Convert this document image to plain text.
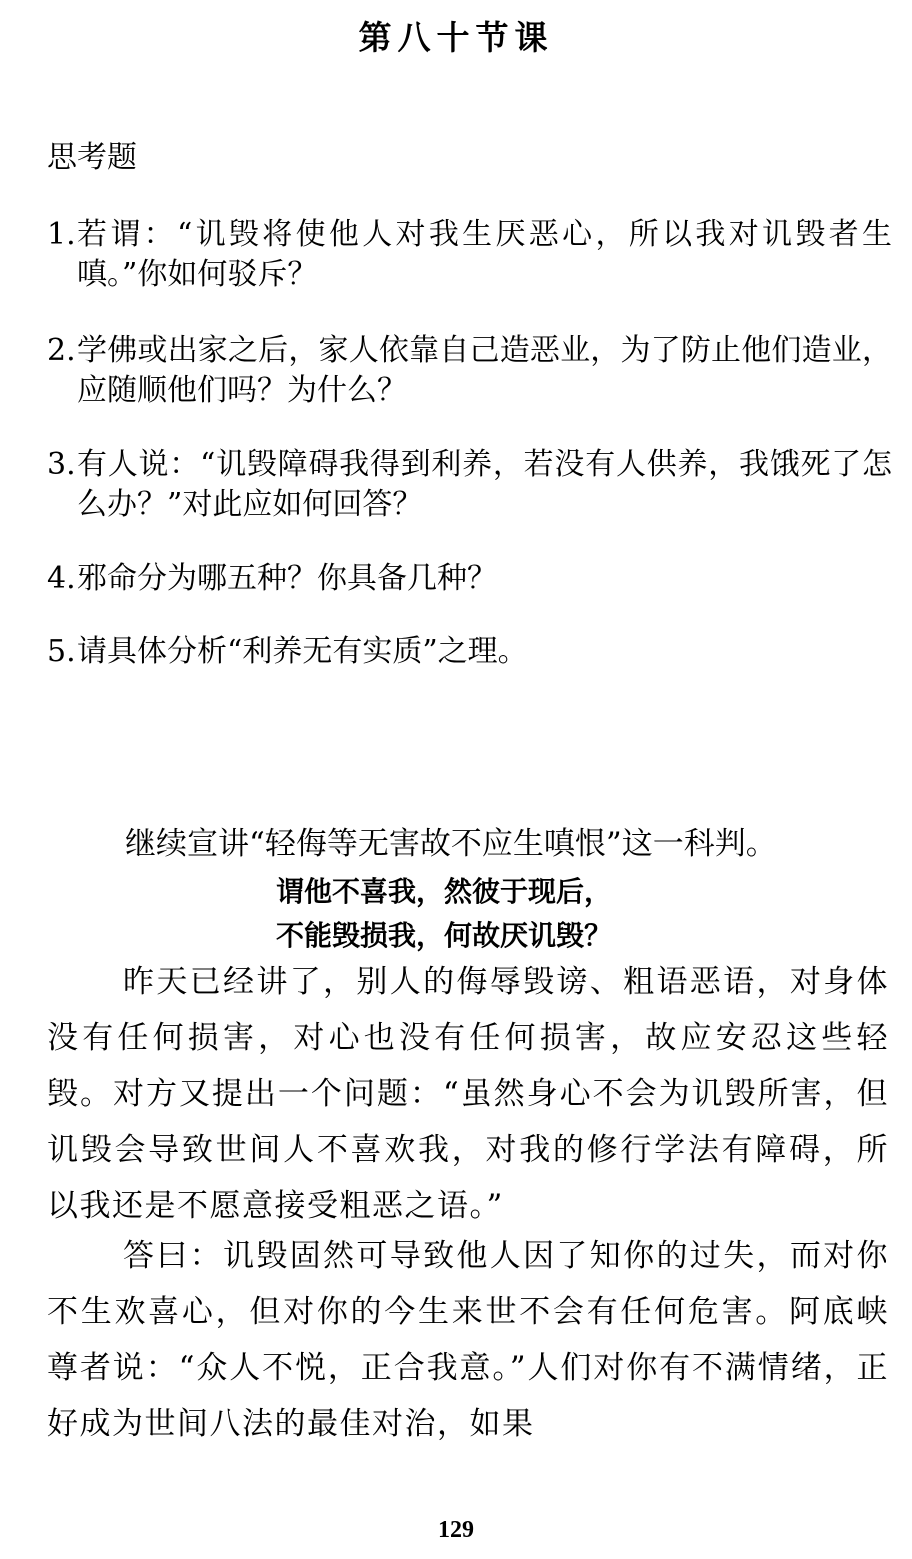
第八十节课
思考题
1. 若谓：“讥毁将使他人对我生厌恶心，所以我对讥毁者生嗔。”你如何驳斥？
2. 学佛或出家之后，家人依靠自己造恶业，为了防止他们造业，应随顺他们吗？为什么？
3. 有人说：“讥毁障碍我得到利养，若没有人供养，我饿死了怎么办？”对此应如何回答？
4. 邪命分为哪五种？你具备几种？
5. 请具体分析“利养无有实质”之理。
继续宣讲“轻侮等无害故不应生嗔恨”这一科判。
谓他不喜我，然彼于现后，
不能毁损我，何故厌讥毁？
昨天已经讲了，别人的侮辱毁谤、粗语恶语，对身体没有任何损害，对心也没有任何损害，故应安忍这些轻毁。对方又提出一个问题：“虽然身心不会为讥毁所害，但讥毁会导致世间人不喜欢我，对我的修行学法有障碍，所以我还是不愿意接受粗恶之语。”
答曰：讥毁固然可导致他人因了知你的过失，而对你不生欢喜心，但对你的今生来世不会有任何危害。阿底峡尊者说：“众人不悦，正合我意。”人们对你有不满情绪，正好成为世间八法的最佳对治，如果
129
